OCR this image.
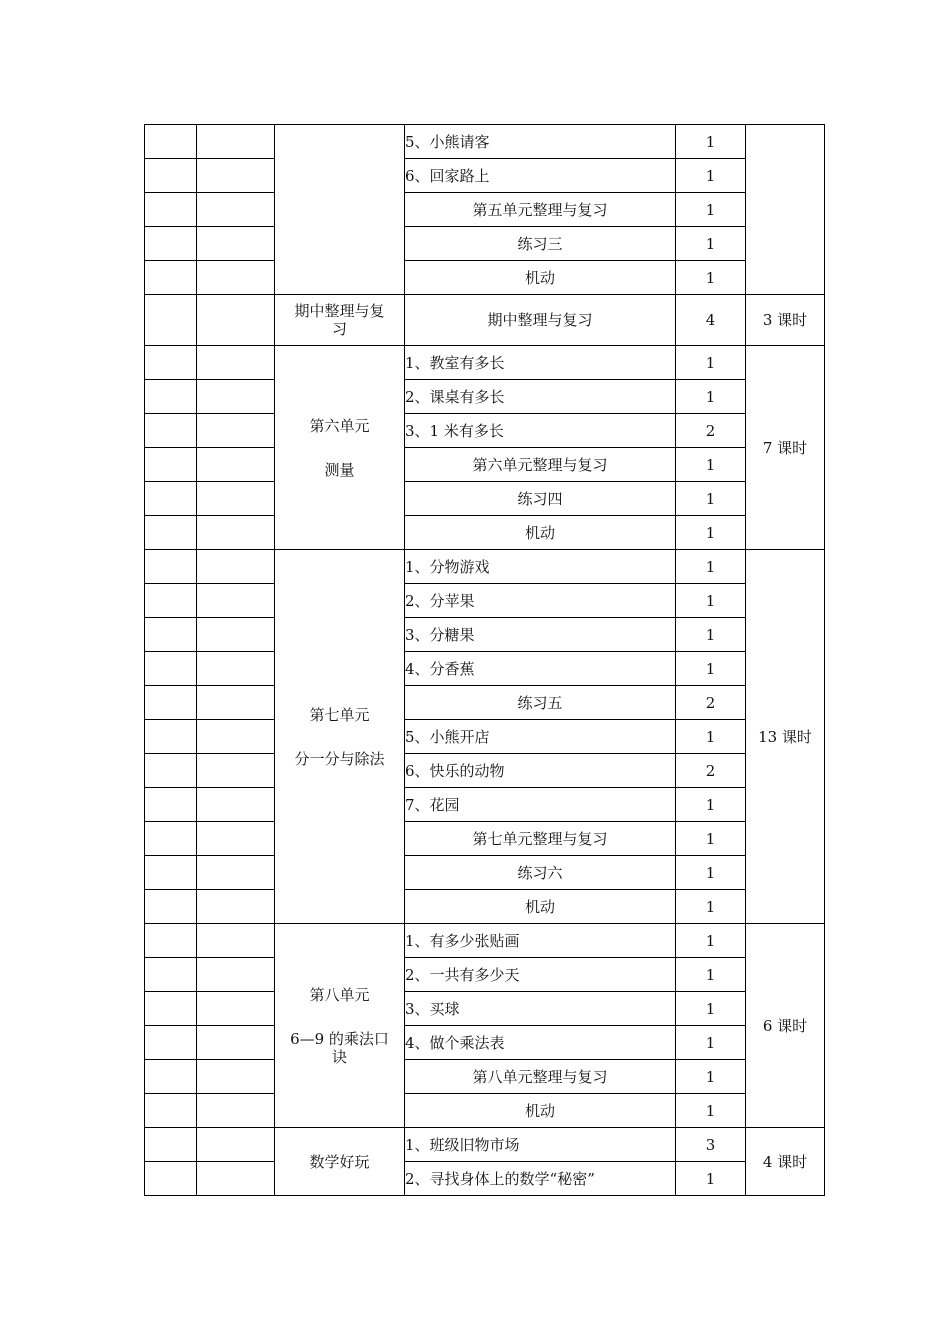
			5、小熊请客	1	
			6、回家路上	1	
			第五单元整理与复习	1	
			练习三	1	
			机动	1	

		期中整理与复
习	期中整理与复习	4	3 课时

		第六单元
测量	1、教室有多长	1	7 课时
			2、课桌有多长	1	
			3、1 米有多长	2	
			第六单元整理与复习	1	
			练习四	1	
			机动	1	

		第七单元
分一分与除法	1、分物游戏	1	13 课时
			2、分苹果	1	
			3、分糖果	1	
			4、分香蕉	1	
			练习五	2	
			5、小熊开店	1	
			6、快乐的动物	2	
			7、花园	1	
			第七单元整理与复习	1	
			练习六	1	
			机动	1	

		第八单元
6—9 的乘法口
诀	1、有多少张贴画	1	6 课时
			2、一共有多少天	1	
			3、买球	1	
			4、做个乘法表	1	
			第八单元整理与复习	1	
			机动	1	

		数学好玩	1、班级旧物市场	3	4 课时
			2、寻找身体上的数学“秘密”	1	
